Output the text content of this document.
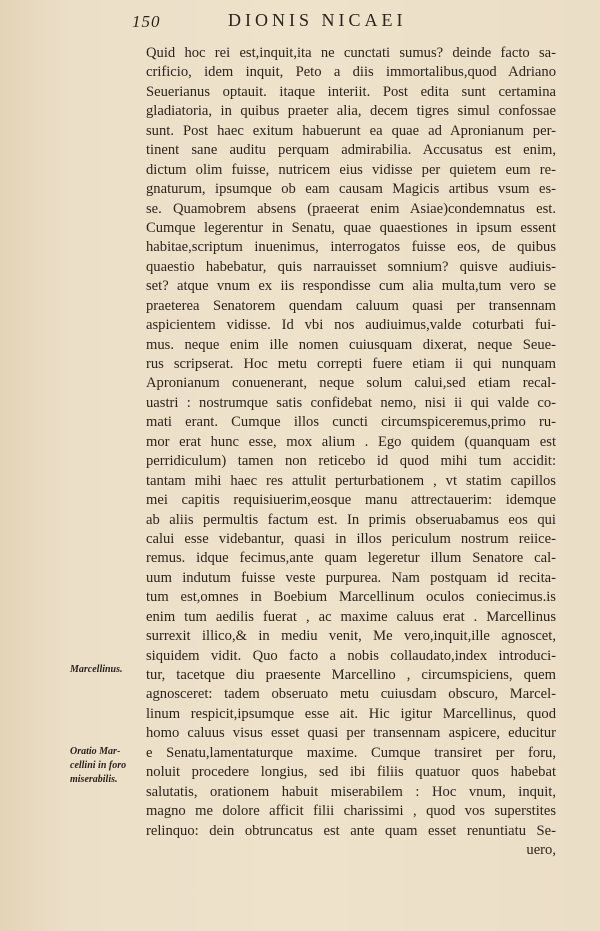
150	DIONIS NICAEI
Quid hoc rei est,inquit,ita ne cunctati sumus? deinde facto sa-
crificio, idem inquit, Peto a diis immortalibus,quod Adriano
Seuerianus optauit. itaque interiit. Post edita sunt certamina
gladiatoria, in quibus praeter alia, decem tigres simul confossae
sunt. Post haec exitum habuerunt ea quae ad Apronianum per-
tinent sane auditu perquam admirabilia. Accusatus est enim,
dictum olim fuisse, nutricem eius vidisse per quietem eum re-
gnaturum, ipsumque ob eam causam Magicis artibus vsum es-
se. Quamobrem absens (praeerat enim Asiae)condemnatus est.
Cumque legerentur in Senatu, quae quaestiones in ipsum essent
habitae,scriptum inuenimus, interrogatos fuisse eos, de quibus
quaestio habebatur, quis narrauisset somnium? quisve audiuis-
set? atque vnum ex iis respondisse cum alia multa,tum vero se
praeterea Senatorem quendam caluum quasi per transennam
aspicientem vidisse. Id vbi nos audiuimus,valde coturbati fui-
mus. neque enim ille nomen cuiusquam dixerat, neque Seue-
rus scripserat. Hoc metu correpti fuere etiam ii qui nunquam
Apronianum conuenerant, neque solum calui,sed etiam recal-
uastri : nostrumque satis confidebat nemo, nisi ii qui valde co-
mati erant. Cumque illos cuncti circumspiceremus,primo ru-
mor erat hunc esse, mox alium . Ego quidem (quanquam est
perridiculum) tamen non reticebo id quod mihi tum accidit:
tantam mihi haec res attulit perturbationem , vt statim capillos
mei capitis requisiuerim,eosque manu attrectauerim: idemque
ab aliis permultis factum est. In primis obseruabamus eos qui
calui esse videbantur, quasi in illos periculum nostrum reiice-
remus. idque fecimus,ante quam legeretur illum Senatore cal-
uum indutum fuisse veste purpurea. Nam postquam id recita-
tum est,omnes in Boebium Marcellinum oculos coniecimus.is
enim tum aedilis fuerat , ac maxime caluus erat . Marcellinus
surrexit illico,& in mediu venit, Me vero,inquit,ille agnoscet,
siquidem vidit. Quo facto a nobis collaudato,index introduci-
tur, tacetque diu praesente Marcellino , circumspiciens, quem
agnosceret: tadem obseruato metu cuiusdam obscuro, Marcel-
linum respicit,ipsumque esse ait. Hic igitur Marcellinus, quod
homo caluus visus esset quasi per transennam aspicere, educitur
e Senatu,lamentaturque maxime. Cumque transiret per foru,
noluit procedere longius, sed ibi filiis quatuor quos habebat
salutatis, orationem habuit miserabilem : Hoc vnum, inquit,
magno me dolore afficit filii charissimi , quod vos superstites
relinquo: dein obtruncatus est ante quam esset renuntiatu Se-
uero,
Marcellinus.
Oratio Mar-
cellini in foro
miserabilis.
